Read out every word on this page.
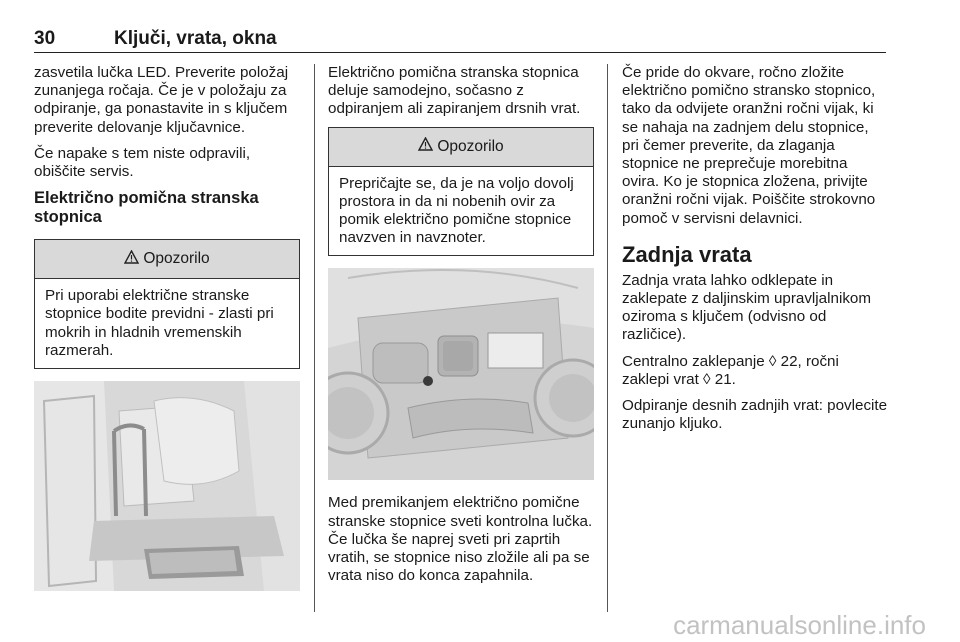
30	Ključi, vrata, okna

zasvetila lučka LED. Preverite položaj zunanjega ročaja. Če je v položaju za odpiranje, ga ponastavite in s ključem preverite delovanje ključavnice.

Če napake s tem niste odpravili, obiščite servis.

Električno pomična stranska stopnica
Opozorilo
Pri uporabi električne stranske stopnice bodite previdni - zlasti pri mokrih in hladnih vremenskih razmerah.

Električno pomična stranska stopnica deluje samodejno, sočasno z odpiranjem ali zapiranjem drsnih vrat.

Opozorilo
Prepričajte se, da je na voljo dovolj prostora in da ni nobenih ovir za pomik električno pomične stopnice navzven in navznoter.

Med premikanjem električno pomične stranske stopnice sveti kontrolna lučka. Če lučka še naprej sveti pri zaprtih vratih, se stopnice niso zložile ali pa se vrata niso do konca zapahnila.

Če pride do okvare, ročno zložite električno pomično stransko stopnico, tako da odvijete oranžni ročni vijak, ki se nahaja na zadnjem delu stopnice, pri čemer preverite, da zlaganja stopnice ne preprečuje morebitna ovira. Ko je stopnica zložena, privijte oranžni ročni vijak. Poiščite strokovno pomoč v servisni delavnici.

Zadnja vrata

Zadnja vrata lahko odklepate in zaklepate z daljinskim upravljalnikom oziroma s ključem (odvisno od različice).

Centralno zaklepanje ◊ 22, ročni zaklepi vrat ◊ 21.

Odpiranje desnih zadnjih vrat: povlecite zunanjo kljuko.

carmanualsonline.info
